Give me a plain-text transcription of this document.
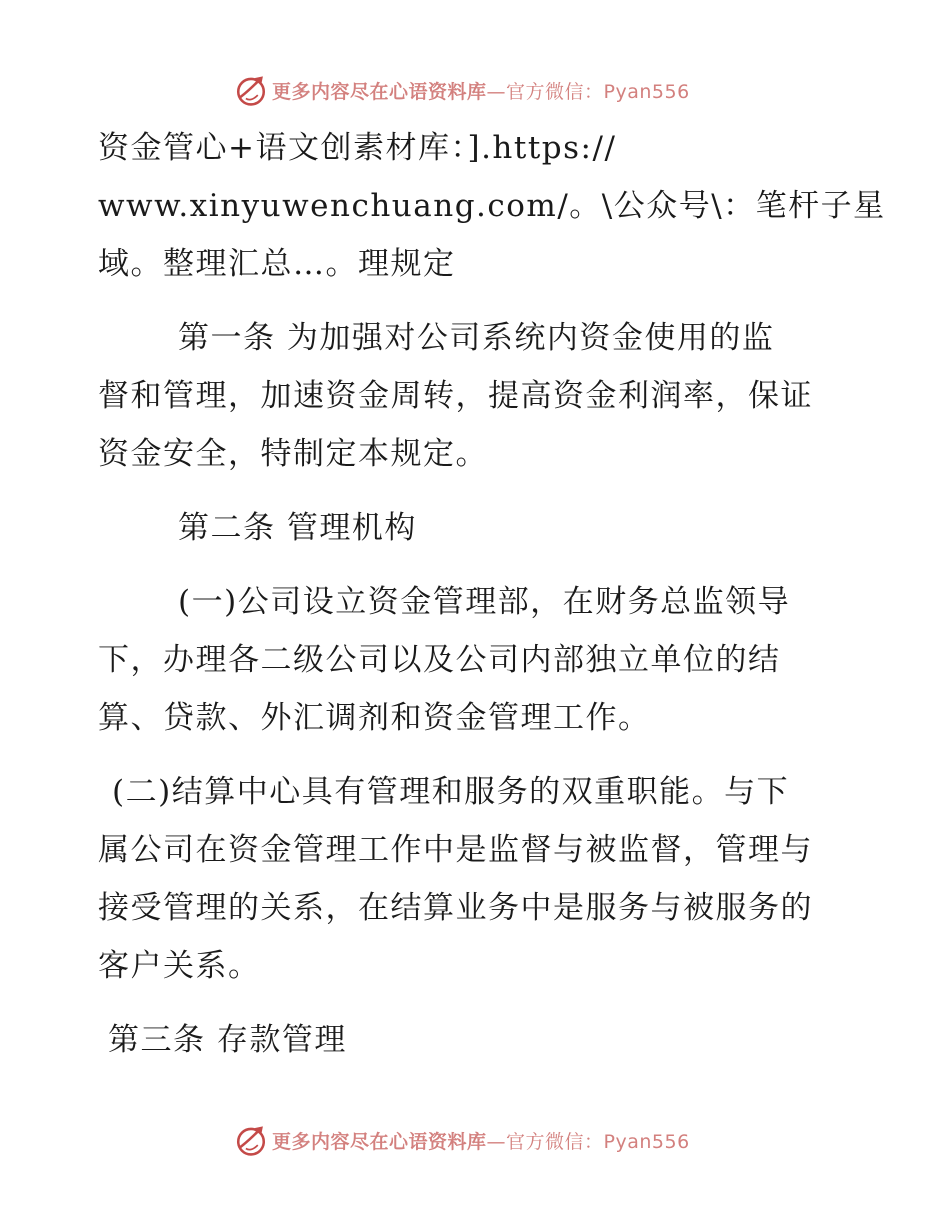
更多内容尽在心语资料库 —官方微信：Pyan556
资金管心+语文创素材库：].https://
www.xinyuwenchuang.com/。\公众号\：笔杆子星
域。整理汇总…。理规定
第一条 为加强对公司系统内资金使用的监
督和管理，加速资金周转，提高资金利润率，保证
资金安全，特制定本规定。
第二条 管理机构
(一)公司设立资金管理部，在财务总监领导
下，办理各二级公司以及公司内部独立单位的结
算、贷款、外汇调剂和资金管理工作。
(二)结算中心具有管理和服务的双重职能。与下
属公司在资金管理工作中是监督与被监督，管理与
接受管理的关系，在结算业务中是服务与被服务的
客户关系。
第三条 存款管理
更多内容尽在心语资料库 —官方微信：Pyan556
